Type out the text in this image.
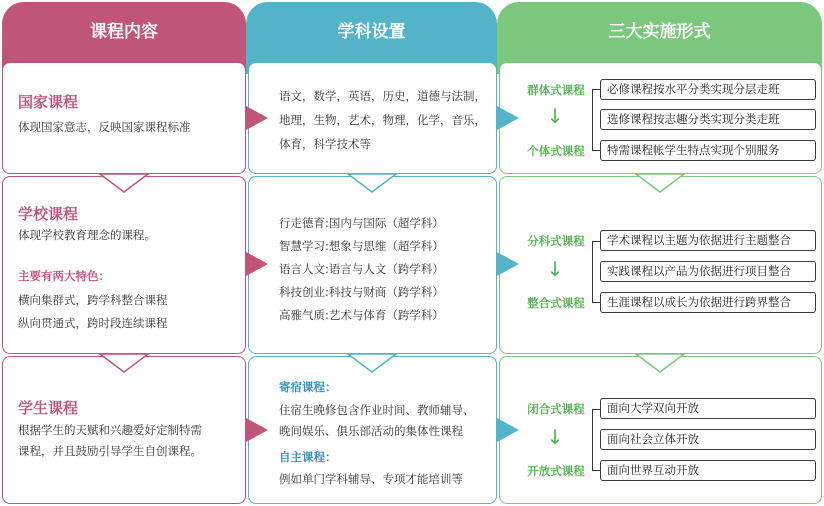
课程内容	学科设置	三大实施形式
国家课程
体现国家意志，反映国家课程标准
语文，数学，英语，历史，道德与法制，
地理，生物，艺术，物理，化学，音乐，
体育，科学技术等
群体式课程
↓
个体式课程
必修课程按水平分类实现分层走班
选修课程按志趣分类实现分类走班
特需课程帐学生特点实现个别服务
学校课程
体现学校教育理念的课程。
主要有两大特色：
横向集群式，跨学科整合课程
纵向贯通式，跨时段连续课程
行走德育:国内与国际（超学科）
智慧学习:想象与思维（超学科）
语言人文:语言与人文（跨学科）
科技创业:科技与财商（跨学科）
高雅气质:艺术与体育（跨学科）
分科式课程
↓
整合式课程
学术课程以主题为依据进行主题整合
实践课程以产品为依据进行项目整合
生涯课程以成长为依据进行跨界整合
学生课程
根据学生的天赋和兴趣爱好定制特需
课程，并且鼓励引导学生自创课程。
寄宿课程：
住宿生晚修包含作业时间、教师辅导、
晚间娱乐、俱乐部活动的集体性课程
自主课程：
例如单门学科辅导、专项才能培训等
闭合式课程
↓
开放式课程
面向大学双向开放
面向社会立体开放
面向世界互动开放
